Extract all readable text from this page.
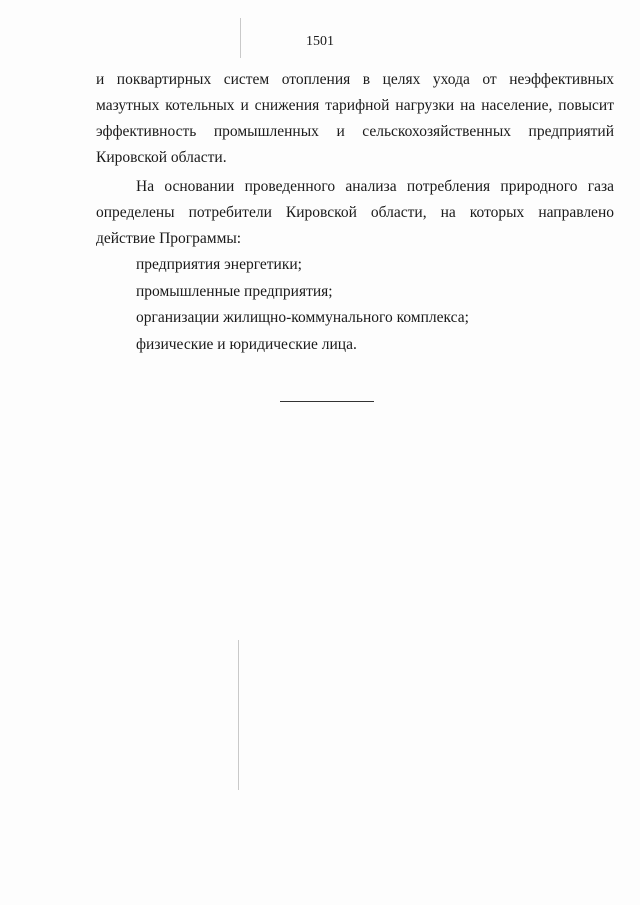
1501

и поквартирных систем отопления в целях ухода от неэффективных
мазутных котельных и снижения тарифной нагрузки на население, повысит
эффективность промышленных и сельскохозяйственных предприятий
Кировской области.

На основании проведенного анализа потребления природного газа
определены потребители Кировской области, на которых направлено
действие Программы:

предприятия энергетики;
промышленные предприятия;
организации жилищно-коммунального комплекса;
физические и юридические лица.
